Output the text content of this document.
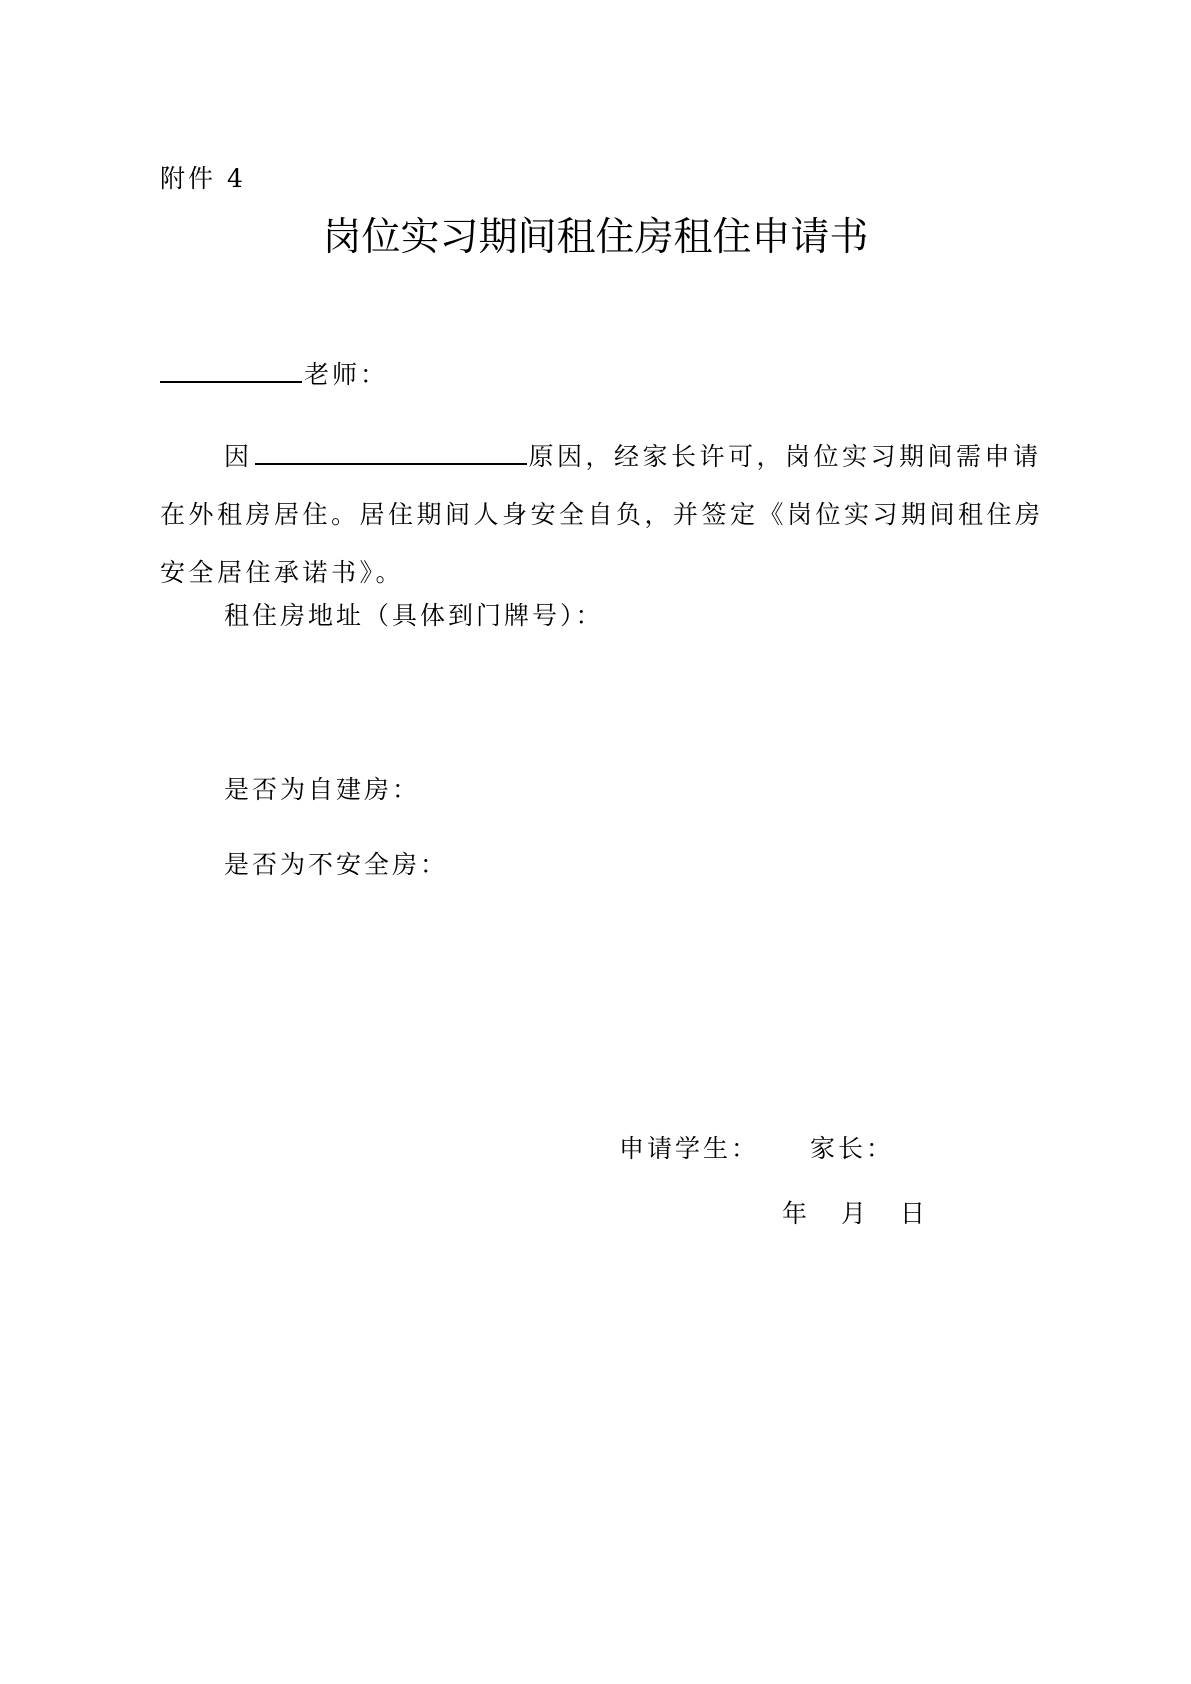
附件 4
岗位实习期间租住房租住申请书
老师：
因	原因，经家长许可，岗位实习期间需申请在外租房居住。居住期间人身安全自负，并签定《岗位实习期间租住房安全居住承诺书》。
租住房地址（具体到门牌号）：
是否为自建房：
是否为不安全房：
申请学生： 家长：
年 月 日
